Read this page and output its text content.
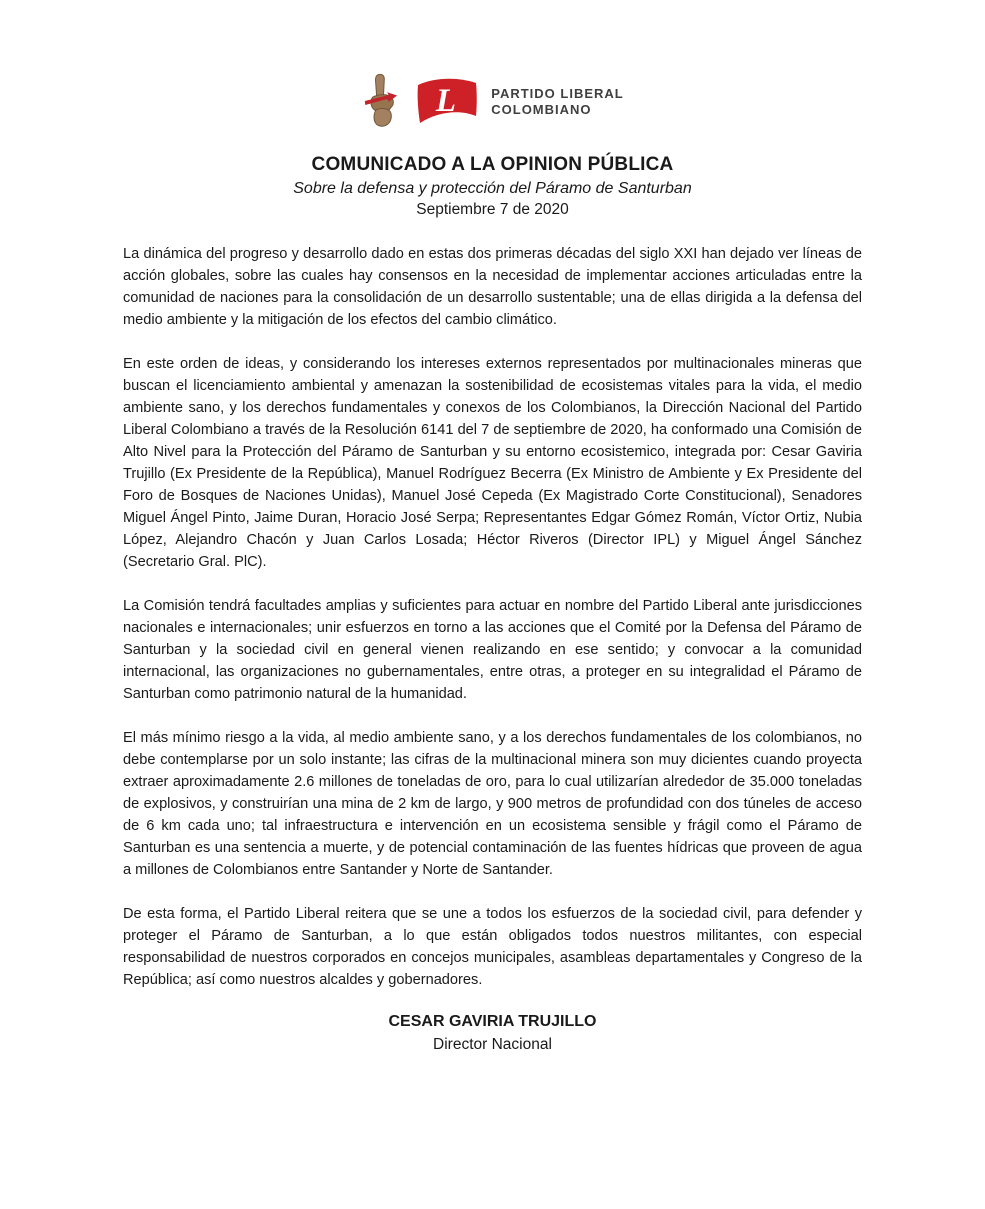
L	PARTIDO LIBERAL
COLOMBIANO
COMUNICADO A LA OPINION PÚBLICA
Sobre la defensa y protección del Páramo de Santurban
Septiembre 7 de 2020

La dinámica del progreso y desarrollo dado en estas dos primeras décadas del siglo XXI han dejado ver líneas de acción globales, sobre las cuales hay consensos en la necesidad de implementar acciones articuladas entre la comunidad de naciones para la consolidación de un desarrollo sustentable; una de ellas dirigida a la defensa del medio ambiente y la mitigación de los efectos del cambio climático.

En este orden de ideas, y considerando los intereses externos representados por multinacionales mineras que buscan el licenciamiento ambiental y amenazan la sostenibilidad de ecosistemas vitales para la vida, el medio ambiente sano, y los derechos fundamentales y conexos de los Colombianos, la Dirección Nacional del Partido Liberal Colombiano a través de la Resolución 6141 del 7 de septiembre de 2020, ha conformado una Comisión de Alto Nivel para la Protección del Páramo de Santurban y su entorno ecosistemico, integrada por: Cesar Gaviria Trujillo (Ex Presidente de la República), Manuel Rodríguez Becerra (Ex Ministro de Ambiente y Ex Presidente del Foro de Bosques de Naciones Unidas), Manuel José Cepeda (Ex Magistrado Corte Constitucional), Senadores Miguel Ángel Pinto, Jaime Duran, Horacio José Serpa; Representantes Edgar Gómez Román, Víctor Ortiz, Nubia López, Alejandro Chacón y Juan Carlos Losada; Héctor Riveros (Director IPL) y Miguel Ángel Sánchez (Secretario Gral. PlC).

La Comisión tendrá facultades amplias y suficientes para actuar en nombre del Partido Liberal ante jurisdicciones nacionales e internacionales; unir esfuerzos en torno a las acciones que el Comité por la Defensa del Páramo de Santurban y la sociedad civil en general vienen realizando en ese sentido; y convocar a la comunidad internacional, las organizaciones no gubernamentales, entre otras, a proteger en su integralidad el Páramo de Santurban como patrimonio natural de la humanidad.

El más mínimo riesgo a la vida, al medio ambiente sano, y a los derechos fundamentales de los colombianos, no debe contemplarse por un solo instante; las cifras de la multinacional minera son muy dicientes cuando proyecta extraer aproximadamente 2.6 millones de toneladas de oro, para lo cual utilizarían alrededor de 35.000 toneladas de explosivos, y construirían una mina de 2 km de largo, y 900 metros de profundidad con dos túneles de acceso de 6 km cada uno; tal infraestructura e intervención en un ecosistema sensible y frágil como el Páramo de Santurban es una sentencia a muerte, y de potencial contaminación de las fuentes hídricas que proveen de agua a millones de Colombianos entre Santander y Norte de Santander.

De esta forma, el Partido Liberal reitera que se une a todos los esfuerzos de la sociedad civil, para defender y proteger el Páramo de Santurban, a lo que están obligados todos nuestros militantes, con especial responsabilidad de nuestros corporados en concejos municipales, asambleas departamentales y Congreso de la República; así como nuestros alcaldes y gobernadores.

CESAR GAVIRIA TRUJILLO
Director Nacional
